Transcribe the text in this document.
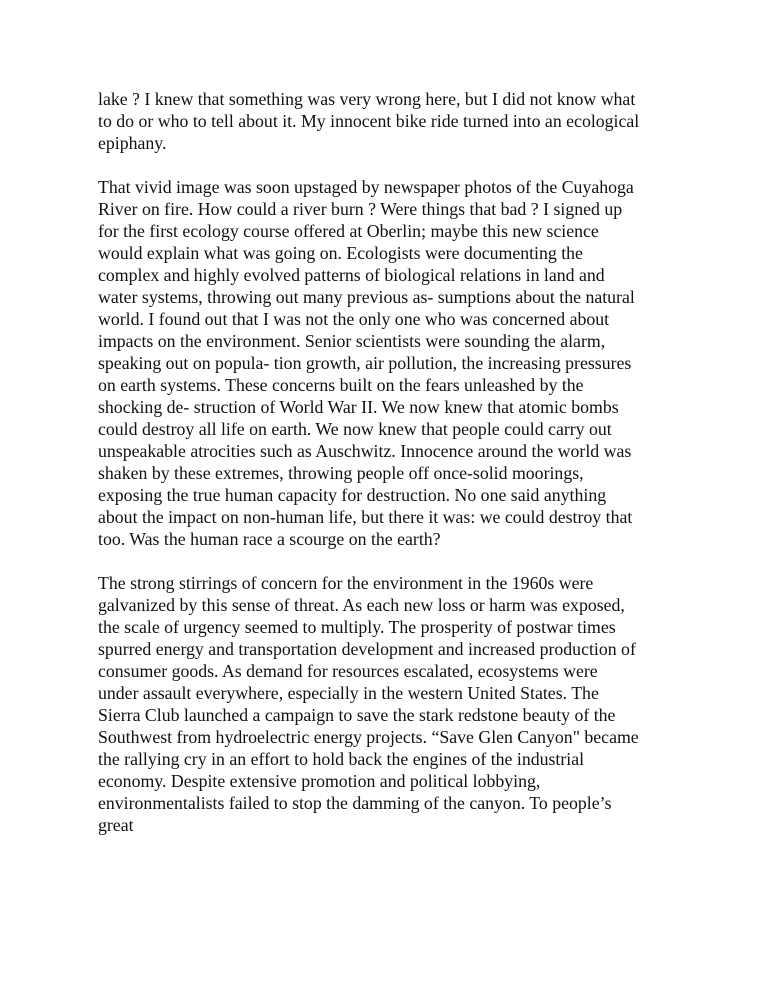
lake ? I knew that something was very wrong here, but I did not know what
to do or who to tell about it. My innocent bike ride turned into an ecological
epiphany.

That vivid image was soon upstaged by newspaper photos of the Cuyahoga
River on fire. How could a river burn ? Were things that bad ? I signed up
for the first ecology course offered at Oberlin; maybe this new science
would explain what was going on. Ecologists were documenting the
complex and highly evolved patterns of biological relations in land and
water systems, throwing out many previous as- sumptions about the natural
world. I found out that I was not the only one who was concerned about
impacts on the environment. Senior scientists were sounding the alarm,
speaking out on popula- tion growth, air pollution, the increasing pressures
on earth systems. These concerns built on the fears unleashed by the
shocking de- struction of World War II. We now knew that atomic bombs
could destroy all life on earth. We now knew that people could carry out
unspeakable atrocities such as Auschwitz. Innocence around the world was
shaken by these extremes, throwing people off once-solid moorings,
exposing the true human capacity for destruction. No one said anything
about the impact on non-human life, but there it was: we could destroy that
too. Was the human race a scourge on the earth?

The strong stirrings of concern for the environment in the 1960s were
galvanized by this sense of threat. As each new loss or harm was exposed,
the scale of urgency seemed to multiply. The prosperity of postwar times
spurred energy and transportation development and increased production of
consumer goods. As demand for resources escalated, ecosystems were
under assault everywhere, especially in the western United States. The
Sierra Club launched a campaign to save the stark redstone beauty of the
Southwest from hydroelectric energy projects. “Save Glen Canyon" became
the rallying cry in an effort to hold back the engines of the industrial
economy. Despite extensive promotion and political lobbying,
environmentalists failed to stop the damming of the canyon. To people’s
great
